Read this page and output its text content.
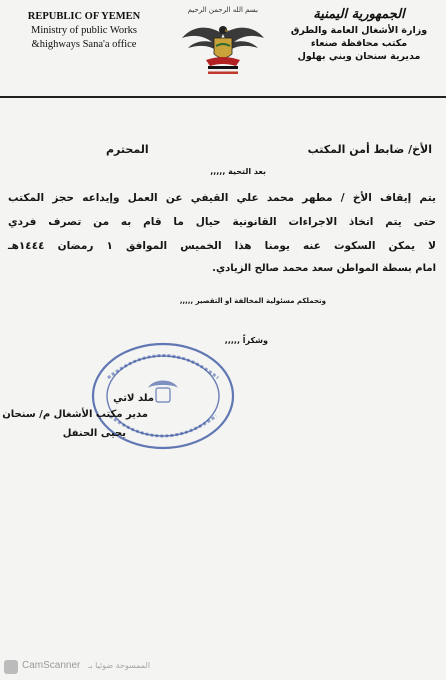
REPUBLIC OF YEMEN
Ministry of public Works
&highways Sana'a office
بسم الله الرحمن الرحيم	الجمهورية اليمنية
وزارة الأشغال العامة والطرق
مكتب محافظة صنعاء
مديرية سنحان وبني بهلول
الأخ/ ضابط أمن المكتب
المحترم
بعد التحية ,,,,,
يتم إيقاف الأخ / مطهر محمد علي القيفي عن العمل وإيداعه حجز المكتب
حتى يتم اتخاذ الاجراءات القانونية حيال ما قام به من تصرف فردي
لا يمكن السكوت عنه يومنا هذا الخميس الموافق ١ رمضان ١٤٤٤هـ
امام بسطة المواطن سعد محمد صالح الزيادي.
وتحملكم مسئولية المخالفة او التقصير ,,,,,
وشكراً ,,,,,
ملد لاتي
مدير مكتب الأشغال م/ سنحان
يحيى الحنفل
CamScanner الممسوحة ضوئيا بـ
